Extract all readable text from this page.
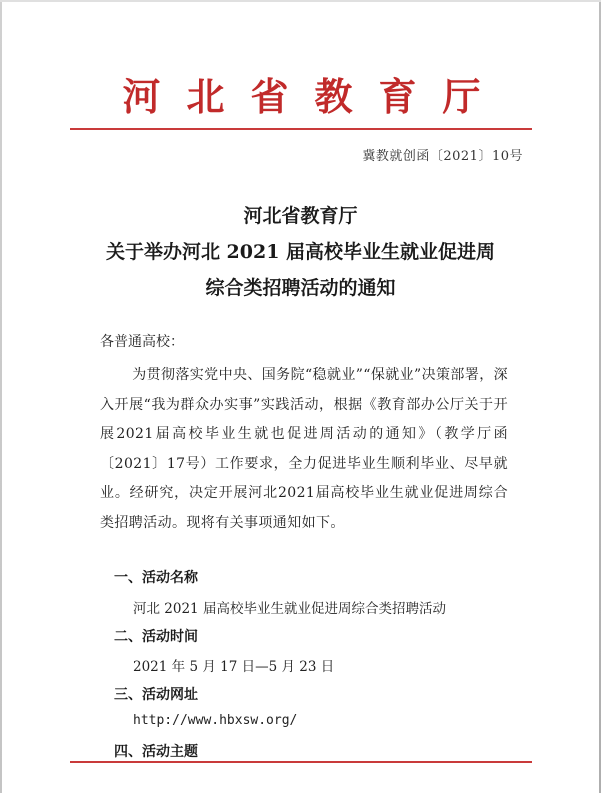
河北省教育厅
冀教就创函〔2021〕10号
河北省教育厅
关于举办河北 2021 届高校毕业生就业促进周
综合类招聘活动的通知
各普通高校：
为贯彻落实党中央、国务院“稳就业”“保就业”决策部署，深入开展“我为群众办实事”实践活动，根据《教育部办公厅关于开展2021届高校毕业生就也促进周活动的通知》（教学厅函〔2021〕17号）工作要求，全力促进毕业生顺利毕业、尽早就业。经研究，决定开展河北2021届高校毕业生就业促进周综合类招聘活动。现将有关事项通知如下。
一、活动名称
河北 2021 届高校毕业生就业促进周综合类招聘活动
二、活动时间
2021 年 5 月 17 日—5 月 23 日
三、活动网址
http://www.hbxsw.org/
四、活动主题
